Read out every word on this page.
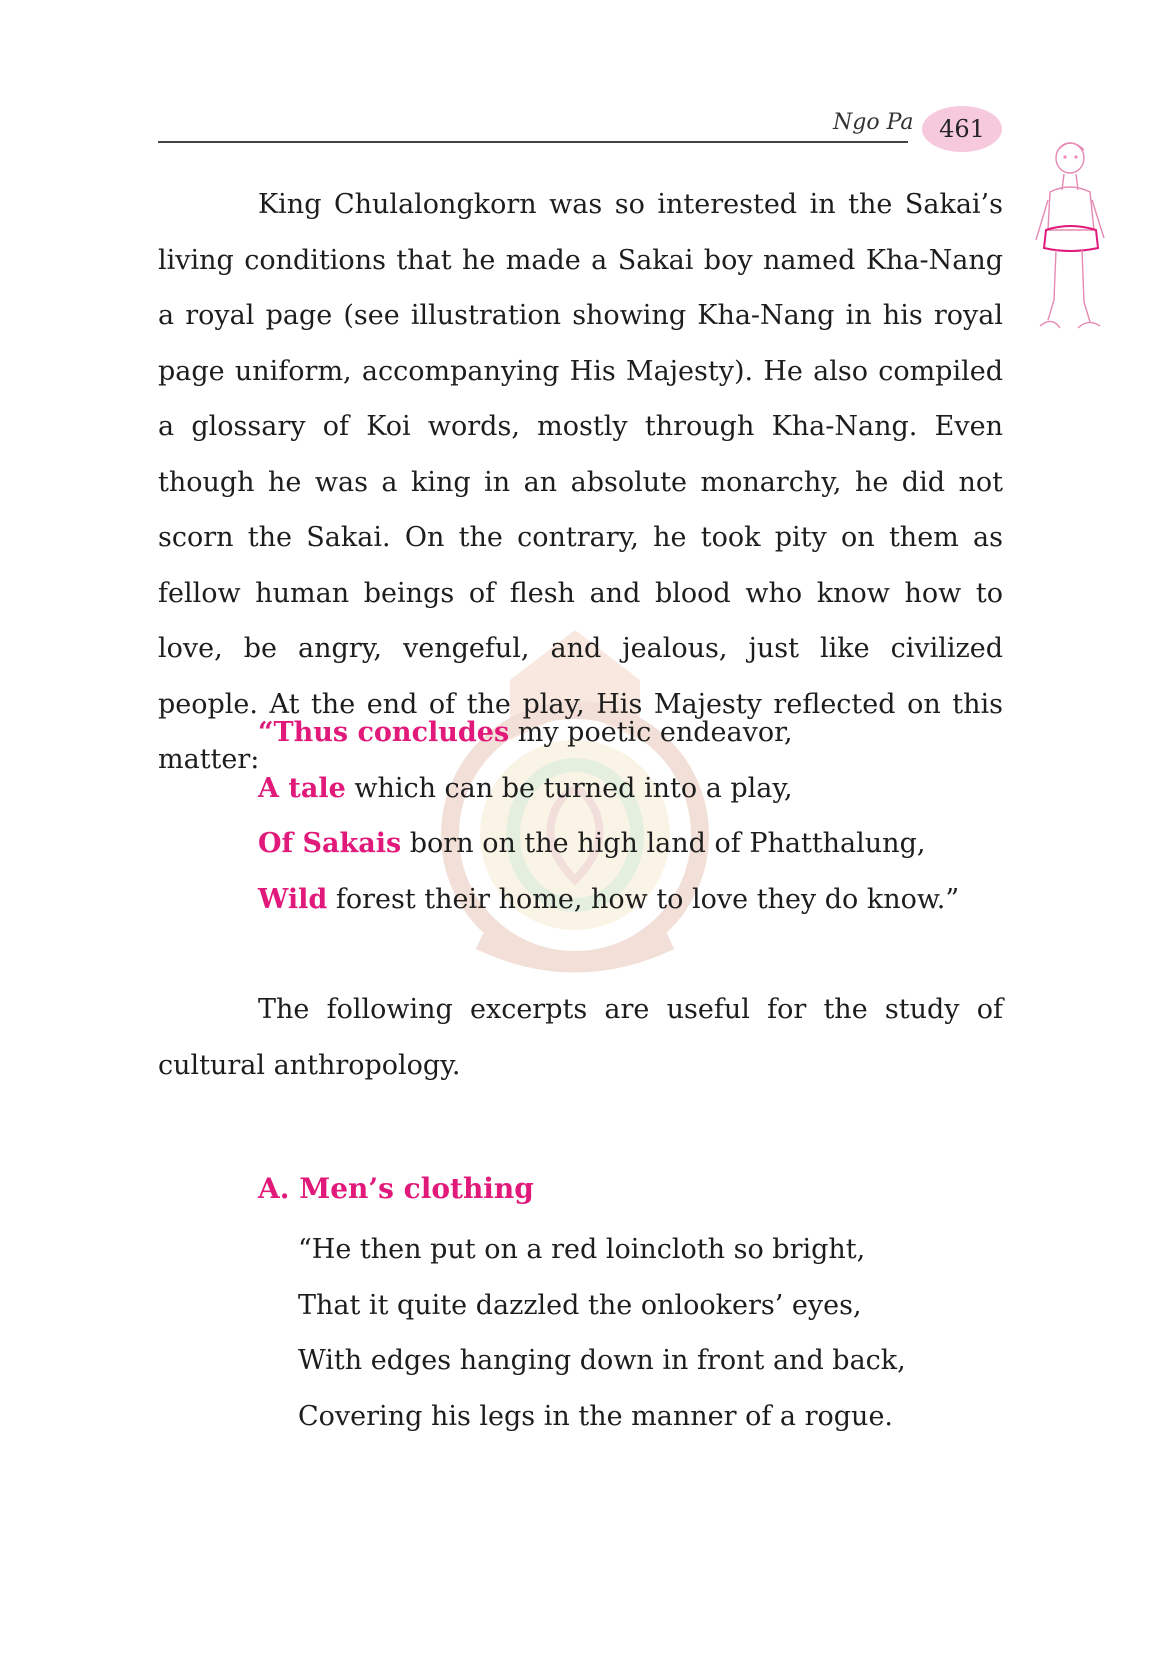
Ngo Pa 461

King Chulalongkorn was so interested in the Sakai’s living conditions that he made a Sakai boy named Kha-Nang a royal page (see illustration showing Kha-Nang in his royal page uniform, accompanying His Majesty). He also compiled a glossary of Koi words, mostly through Kha-Nang. Even though he was a king in an absolute monarchy, he did not scorn the Sakai. On the contrary, he took pity on them as fellow human beings of flesh and blood who know how to love, be angry, vengeful, and jealous, just like civilized people. At the end of the play, His Majesty reflected on this matter:

“Thus concludes my poetic endeavor,
A tale which can be turned into a play,
Of Sakais born on the high land of Phatthalung,
Wild forest their home, how to love they do know.”

The following excerpts are useful for the study of cultural anthropology.

A. Men’s clothing
“He then put on a red loincloth so bright,
That it quite dazzled the onlookers’ eyes,
With edges hanging down in front and back,
Covering his legs in the manner of a rogue.
